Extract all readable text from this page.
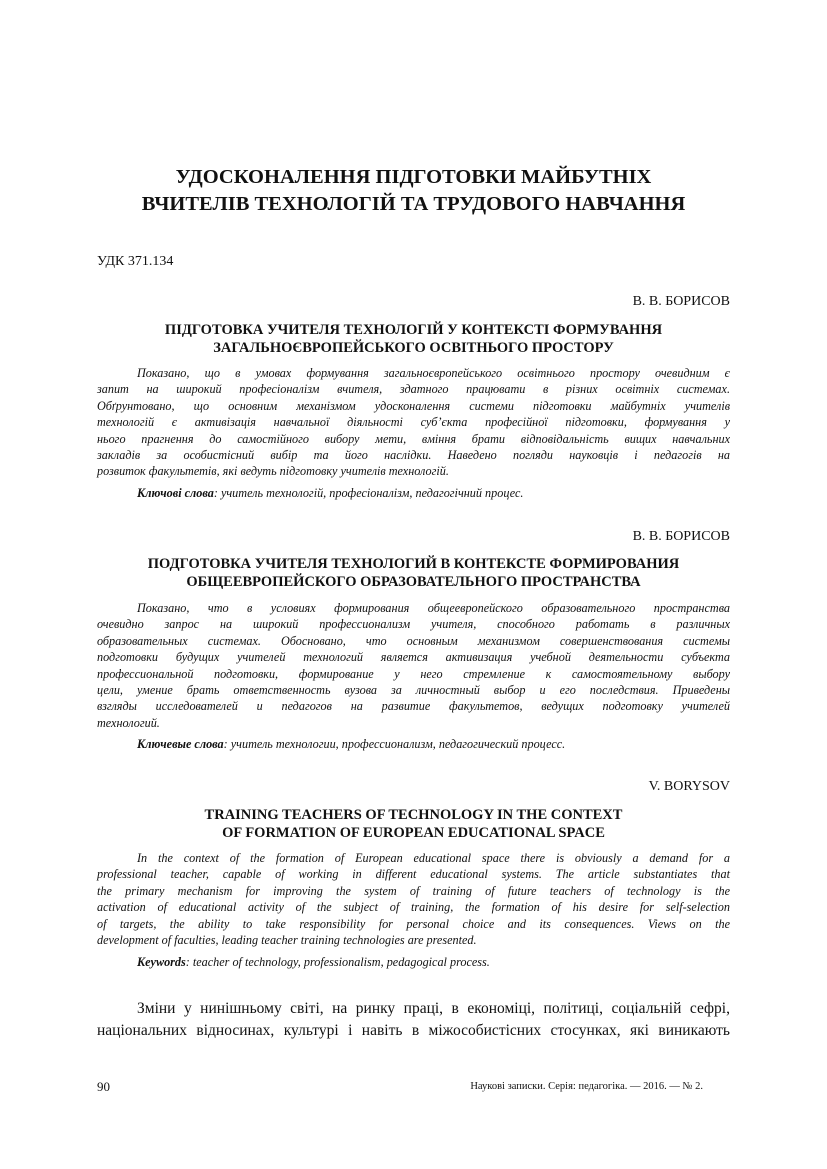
УДОСКОНАЛЕННЯ ПІДГОТОВКИ МАЙБУТНІХ
ВЧИТЕЛІВ ТЕХНОЛОГІЙ ТА ТРУДОВОГО НАВЧАННЯ
УДК 371.134
В. В. БОРИСОВ
ПІДГОТОВКА УЧИТЕЛЯ ТЕХНОЛОГІЙ У КОНТЕКСТІ ФОРМУВАННЯ
ЗАГАЛЬНОЄВРОПЕЙСЬКОГО ОСВІТНЬОГО ПРОСТОРУ
Показано, що в умовах формування загальноєвропейського освітнього простору очевидним є
запит на широкий професіоналізм вчителя, здатного працювати в різних освітніх системах.
Обґрунтовано, що основним механізмом удосконалення системи підготовки майбутніх учителів
технологій є активізація навчальної діяльності суб’єкта професійної підготовки, формування у
нього прагнення до самостійного вибору мети, вміння брати відповідальність вищих навчальних
закладів за особистісний вибір та його наслідки. Наведено погляди науковців і педагогів на
розвиток факультетів, які ведуть підготовку учителів технологій.
Ключові слова: учитель технологій, професіоналізм, педагогічний процес.
В. В. БОРИСОВ
ПОДГОТОВКА УЧИТЕЛЯ ТЕХНОЛОГИЙ В КОНТЕКСТЕ ФОРМИРОВАНИЯ
ОБЩЕЕВРОПЕЙСКОГО ОБРАЗОВАТЕЛЬНОГО ПРОСТРАНСТВА
Показано, что в условиях формирования общеевропейского образовательного пространства
очевидно запрос на широкий профессионализм учителя, способного работать в различных
образовательных системах. Обосновано, что основным механизмом совершенствования системы
подготовки будущих учителей технологий является активизация учебной деятельности субъекта
профессиональной подготовки, формирование у него стремление к самостоятельному выбору
цели, умение брать ответственность вузова за личностный выбор и его последствия. Приведены
взгляды исследователей и педагогов на развитие факультетов, ведущих подготовку учителей
технологий.
Ключевые слова: учитель технологии, профессионализм, педагогический процесс.
V. BORYSOV
TRAINING TEACHERS OF TECHNOLOGY IN THE CONTEXT
OF FORMATION OF EUROPEAN EDUCATIONAL SPACE
In the context of the formation of European educational space there is obviously a demand for a
professional teacher, capable of working in different educational systems. The article substantiates that
the primary mechanism for improving the system of training of future teachers of technology is the
activation of educational activity of the subject of training, the formation of his desire for self-selection
of targets, the ability to take responsibility for personal choice and its consequences. Views on the
development of faculties, leading teacher training technologies are presented.
Keywords: teacher of technology, professionalism, pedagogical process.
Зміни у нинішньому світі, на ринку праці, в економіці, політиці, соціальній сефрі,
національних відносинах, культурі і навіть в міжособистісних стосунках, які виникають
90	Наукові записки. Серія: педагогіка. — 2016. — № 2.
